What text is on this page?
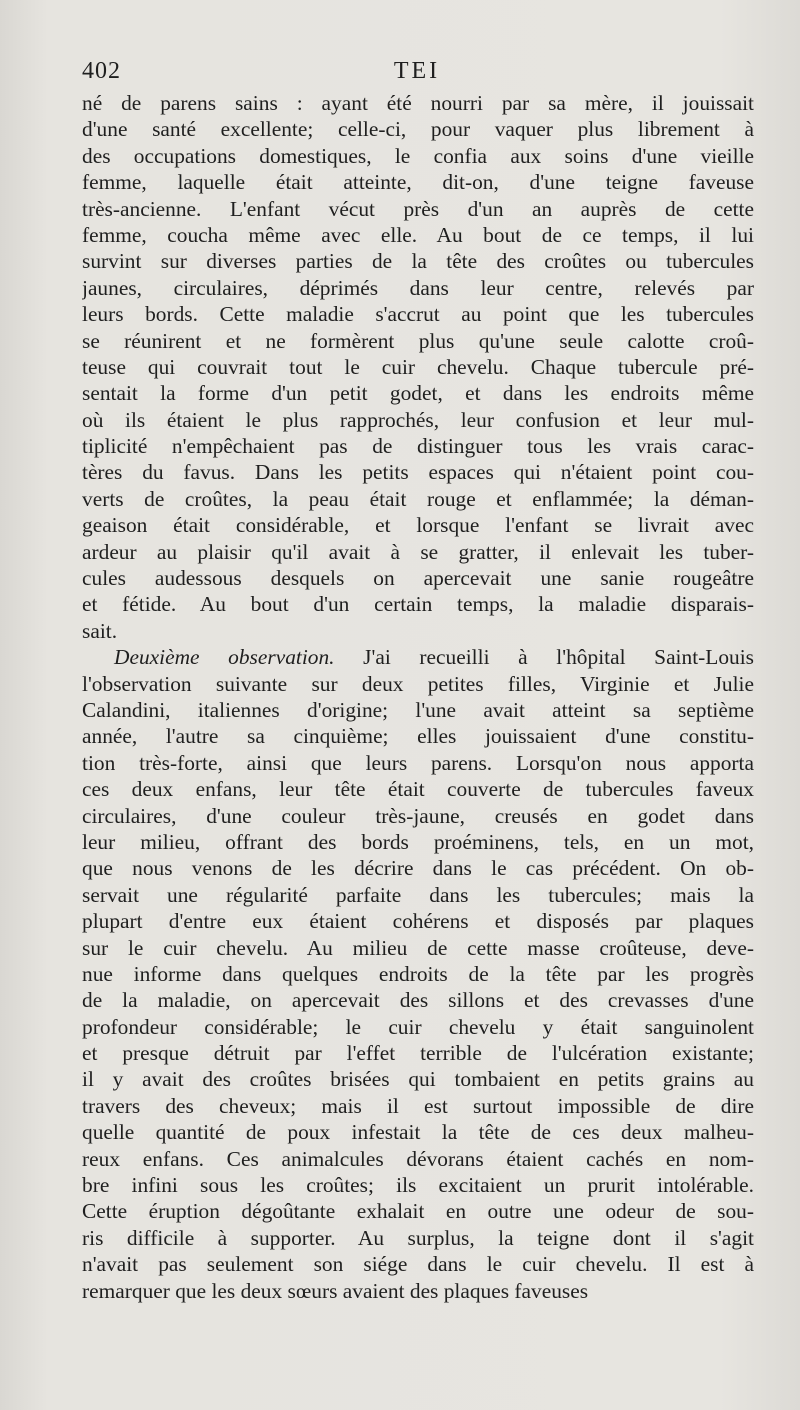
402	TEI
né de parens sains : ayant été nourri par sa mère, il jouissait
d'une santé excellente; celle-ci, pour vaquer plus librement à
des occupations domestiques, le confia aux soins d'une vieille
femme, laquelle était atteinte, dit-on, d'une teigne faveuse
très-ancienne. L'enfant vécut près d'un an auprès de cette
femme, coucha même avec elle. Au bout de ce temps, il lui
survint sur diverses parties de la tête des croûtes ou tubercules
jaunes, circulaires, déprimés dans leur centre, relevés par
leurs bords. Cette maladie s'accrut au point que les tubercules
se réunirent et ne formèrent plus qu'une seule calotte croû-
teuse qui couvrait tout le cuir chevelu. Chaque tubercule pré-
sentait la forme d'un petit godet, et dans les endroits même
où ils étaient le plus rapprochés, leur confusion et leur mul-
tiplicité n'empêchaient pas de distinguer tous les vrais carac-
tères du favus. Dans les petits espaces qui n'étaient point cou-
verts de croûtes, la peau était rouge et enflammée; la déman-
geaison était considérable, et lorsque l'enfant se livrait avec
ardeur au plaisir qu'il avait à se gratter, il enlevait les tuber-
cules audessous desquels on apercevait une sanie rougeâtre
et fétide. Au bout d'un certain temps, la maladie disparais-
sait.
Deuxième observation. J'ai recueilli à l'hôpital Saint-Louis
l'observation suivante sur deux petites filles, Virginie et Julie
Calandini, italiennes d'origine; l'une avait atteint sa septième
année, l'autre sa cinquième; elles jouissaient d'une constitu-
tion très-forte, ainsi que leurs parens. Lorsqu'on nous apporta
ces deux enfans, leur tête était couverte de tubercules faveux
circulaires, d'une couleur très-jaune, creusés en godet dans
leur milieu, offrant des bords proéminens, tels, en un mot,
que nous venons de les décrire dans le cas précédent. On ob-
servait une régularité parfaite dans les tubercules; mais la
plupart d'entre eux étaient cohérens et disposés par plaques
sur le cuir chevelu. Au milieu de cette masse croûteuse, deve-
nue informe dans quelques endroits de la tête par les progrès
de la maladie, on apercevait des sillons et des crevasses d'une
profondeur considérable; le cuir chevelu y était sanguinolent
et presque détruit par l'effet terrible de l'ulcération existante;
il y avait des croûtes brisées qui tombaient en petits grains au
travers des cheveux; mais il est surtout impossible de dire
quelle quantité de poux infestait la tête de ces deux malheu-
reux enfans. Ces animalcules dévorans étaient cachés en nom-
bre infini sous les croûtes; ils excitaient un prurit intolérable.
Cette éruption dégoûtante exhalait en outre une odeur de sou-
ris difficile à supporter. Au surplus, la teigne dont il s'agit
n'avait pas seulement son siége dans le cuir chevelu. Il est à
remarquer que les deux sœurs avaient des plaques faveuses
